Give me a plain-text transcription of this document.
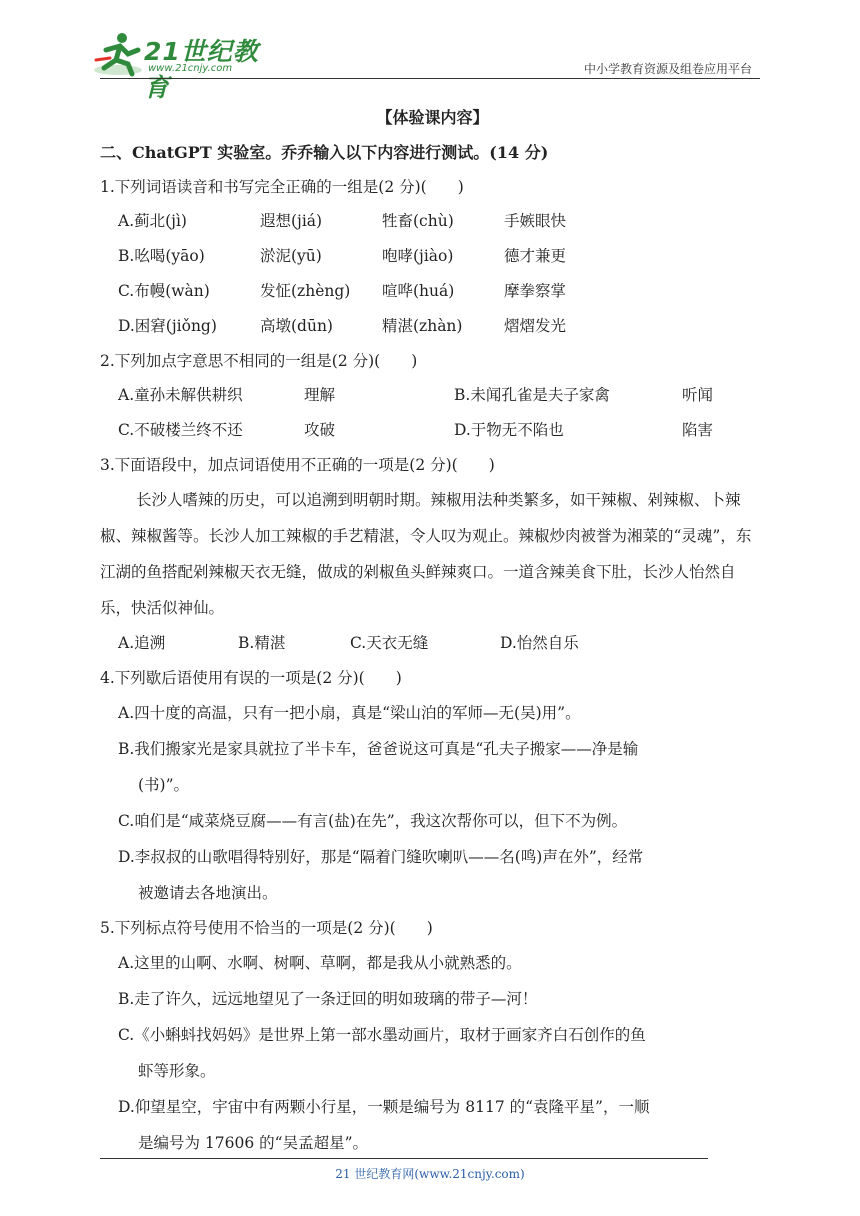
21世纪教育
www.21cnjy.com	中小学教育资源及组卷应用平台
【体验课内容】
二、ChatGPT 实验室。乔乔输入以下内容进行测试。(14 分)
1.下列词语读音和书写完全正确的一组是(2 分)(　　)
A.蓟北(jì)	遐想(jiá)	牲畜(chù)	手嫉眼快
B.吆喝(yāo)	淤泥(yū)	咆哮(jiào)	德才兼更
C.布幔(wàn)	发怔(zhèng)	喧哗(huá)	摩拳察掌
D.困窘(jiǒng)	高墩(dūn)	精湛(zhàn)	熠熠发光
2.下列加点字意思不相同的一组是(2 分)(　　)
A.童孙未解供耕织	理解	B.未闻孔雀是夫子家禽	听闻
C.不破楼兰终不还	攻破	D.于物无不陷也	陷害
3.下面语段中，加点词语使用不正确的一项是(2 分)(　　)
长沙人嗜辣的历史，可以追溯到明朝时期。辣椒用法种类繁多，如干辣椒、剁辣椒、卜辣椒、辣椒酱等。长沙人加工辣椒的手艺精湛，令人叹为观止。辣椒炒肉被誉为湘菜的“灵魂”，东江湖的鱼搭配剁辣椒天衣无缝，做成的剁椒鱼头鲜辣爽口。一道含辣美食下肚，长沙人怡然自乐，快活似神仙。
A.追溯	B.精湛	C.天衣无缝	D.怡然自乐
4.下列歇后语使用有误的一项是(2 分)(　　)
A.四十度的高温，只有一把小扇，真是“梁山泊的军师—无(吴)用”。
B.我们搬家光是家具就拉了半卡车，爸爸说这可真是“孔夫子搬家——净是输
(书)”。
C.咱们是“咸菜烧豆腐——有言(盐)在先”，我这次帮你可以，但下不为例。
D.李叔叔的山歌唱得特别好，那是“隔着门缝吹喇叭——名(鸣)声在外”，经常
被邀请去各地演出。
5.下列标点符号使用不恰当的一项是(2 分)(　　)
A.这里的山啊、水啊、树啊、草啊，都是我从小就熟悉的。
B.走了许久，远远地望见了一条迂回的明如玻璃的带子—河！
C.《小蝌蚪找妈妈》是世界上第一部水墨动画片，取材于画家齐白石创作的鱼
虾等形象。
D.仰望星空，宇宙中有两颗小行星，一颗是编号为 8117 的“袁隆平星”，一顺
是编号为 17606 的“吴孟超星”。
21 世纪教育网(www.21cnjy.com)
